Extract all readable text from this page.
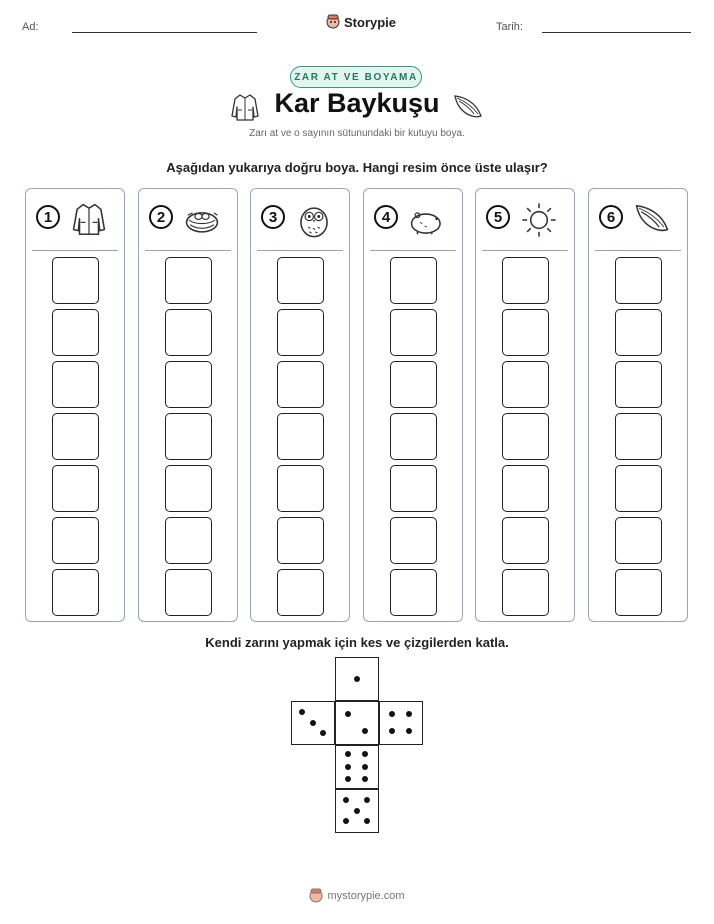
Ad:	Storypie	Tarih:
ZAR AT VE BOYAMA
Kar Baykuşu
Zarı at ve o sayının sütunundaki bir kutuyu boya.
Aşağıdan yukarıya doğru boya. Hangi resim önce üste ulaşır?
1	2	3	4	5	6
Kendi zarını yapmak için kes ve çizgilerden katla.
mystorypie.com
